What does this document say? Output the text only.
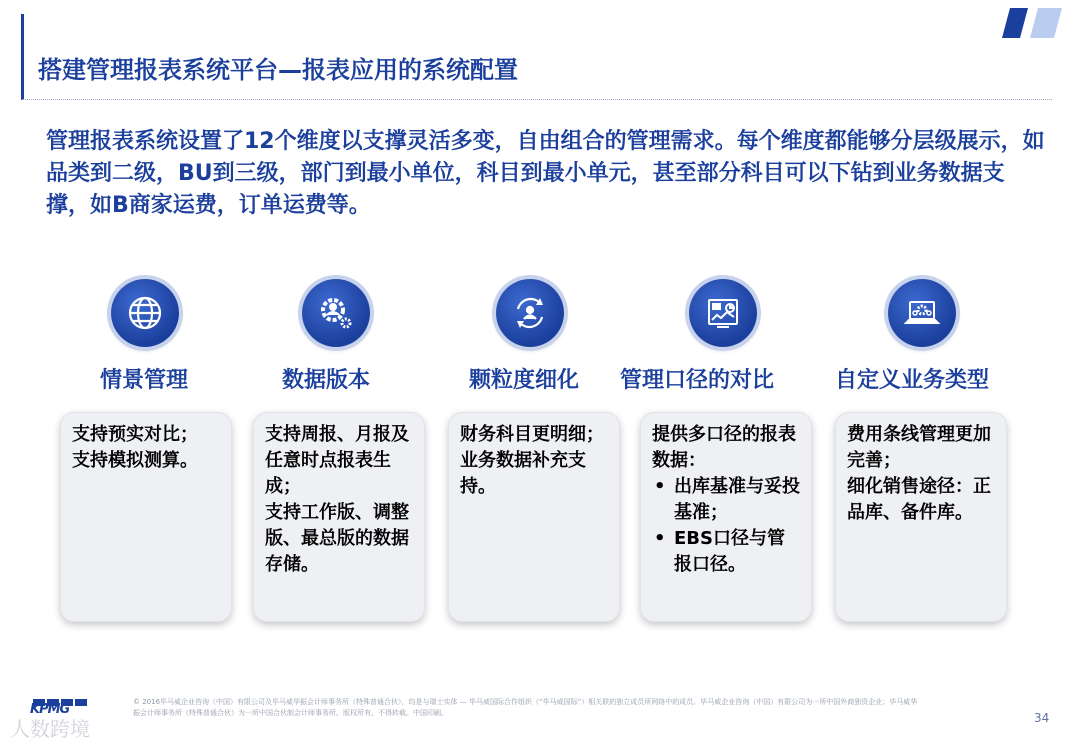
搭建管理报表系统平台—报表应用的系统配置
管理报表系统设置了12个维度以支撑灵活多变，自由组合的管理需求。每个维度都能够分层级展示，如品类到二级，BU到三级，部门到最小单位，科目到最小单元，甚至部分科目可以下钻到业务数据支撑，如B商家运费，订单运费等。
情景管理

支持预实对比；

支持模拟测算。

数据版本

支持周报、月报及任意时点报表生成；

支持工作版、调整版、最总版的数据存储。

颗粒度细化

财务科目更明细；

业务数据补充支持。

管理口径的对比

提供多口径的报表数据：

• 出库基准与妥投基准；
• EBS口径与管报口径。
自定义业务类型

费用条线管理更加完善；

细化销售途径：正品库、备件库。

KPMG	© 2016毕马威企业咨询（中国）有限公司及毕马威华振会计师事务所（特殊普通合伙），均是与瑞士实体 — 毕马威国际合作组织（“毕马威国际”）相关联的独立成员所网络中的成员。毕马威企业咨询（中国）有限公司为一所中国外商独资企业；毕马威华振会计师事务所（特殊普通合伙）为一所中国合伙制会计师事务所。版权所有，不得转载。中国印刷。	34
人数跨境
